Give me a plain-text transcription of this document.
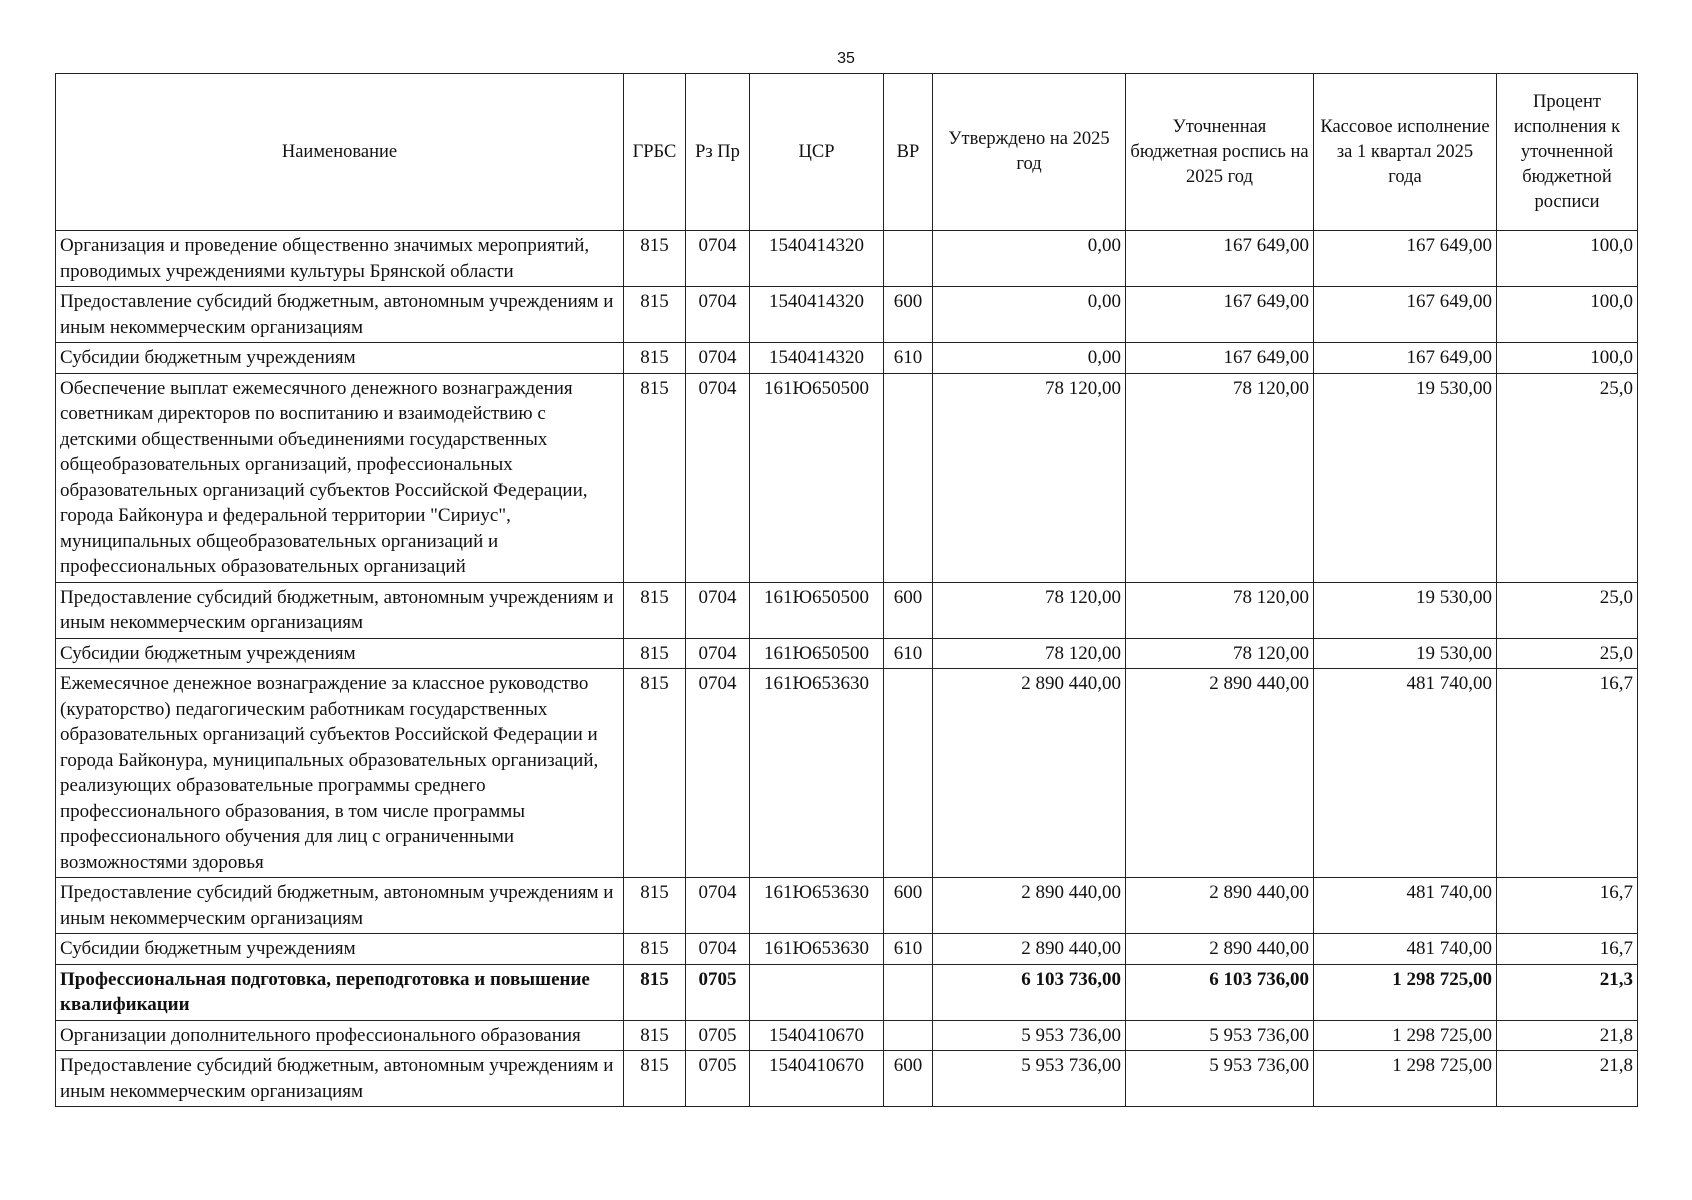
35
Наименование	ГРБС	Рз Пр	ЦСР	ВР	Утверждено на 2025 год	Уточненная бюджетная роспись на 2025 год	Кассовое исполнение за 1 квартал 2025 года	Процент исполнения к уточненной бюджетной росписи
Организация и проведение общественно значимых мероприятий, проводимых учреждениями культуры Брянской области	815	0704	1540414320		0,00	167 649,00	167 649,00	100,0
Предоставление субсидий бюджетным, автономным учреждениям и иным некоммерческим организациям	815	0704	1540414320	600	0,00	167 649,00	167 649,00	100,0
Субсидии бюджетным учреждениям	815	0704	1540414320	610	0,00	167 649,00	167 649,00	100,0
Обеспечение выплат ежемесячного денежного вознаграждения советникам директоров по воспитанию и взаимодействию с детскими общественными объединениями государственных общеобразовательных организаций, профессиональных образовательных организаций субъектов Российской Федерации, города Байконура и федеральной территории "Сириус", муниципальных общеобразовательных организаций и профессиональных образовательных организаций	815	0704	161Ю650500		78 120,00	78 120,00	19 530,00	25,0
Предоставление субсидий бюджетным, автономным учреждениям и иным некоммерческим организациям	815	0704	161Ю650500	600	78 120,00	78 120,00	19 530,00	25,0
Субсидии бюджетным учреждениям	815	0704	161Ю650500	610	78 120,00	78 120,00	19 530,00	25,0
Ежемесячное денежное вознаграждение за классное руководство (кураторство) педагогическим работникам государственных образовательных организаций субъектов Российской Федерации и города Байконура, муниципальных образовательных организаций, реализующих образовательные программы среднего профессионального образования, в том числе программы профессионального обучения для лиц с ограниченными возможностями здоровья	815	0704	161Ю653630		2 890 440,00	2 890 440,00	481 740,00	16,7
Предоставление субсидий бюджетным, автономным учреждениям и иным некоммерческим организациям	815	0704	161Ю653630	600	2 890 440,00	2 890 440,00	481 740,00	16,7
Субсидии бюджетным учреждениям	815	0704	161Ю653630	610	2 890 440,00	2 890 440,00	481 740,00	16,7
Профессиональная подготовка, переподготовка и повышение квалификации	815	0705			6 103 736,00	6 103 736,00	1 298 725,00	21,3
Организации дополнительного профессионального образования	815	0705	1540410670		5 953 736,00	5 953 736,00	1 298 725,00	21,8
Предоставление субсидий бюджетным, автономным учреждениям и иным некоммерческим организациям	815	0705	1540410670	600	5 953 736,00	5 953 736,00	1 298 725,00	21,8
